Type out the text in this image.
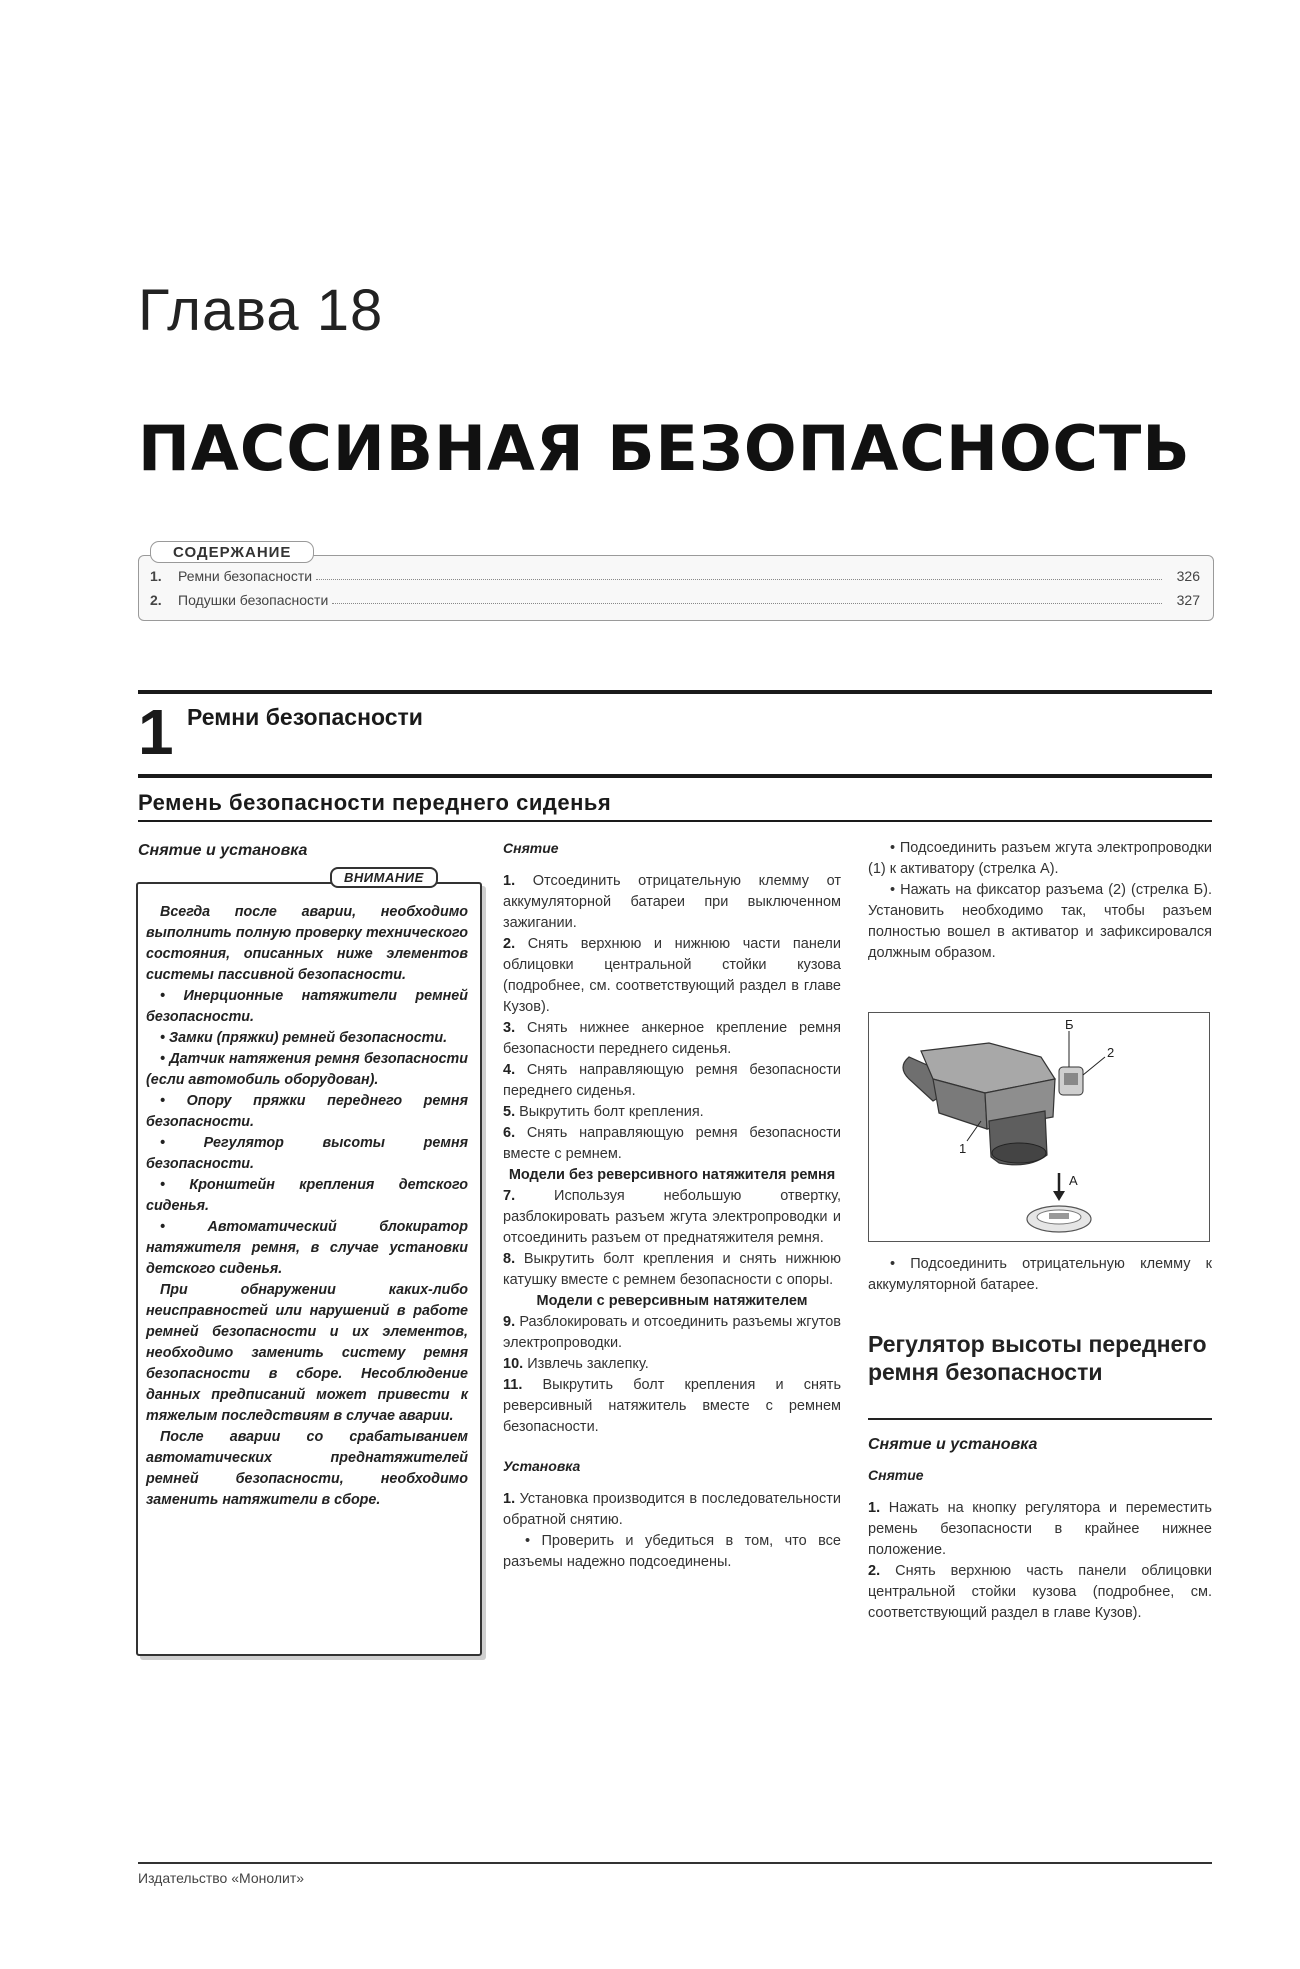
Глава 18
ПАССИВНАЯ БЕЗОПАСНОСТЬ
СОДЕРЖАНИЕ
1.	Ремни безопасности	326
2.	Подушки безопасности	327
1 Ремни безопасности
Ремень безопасности переднего сиденья
Снятие и установка
ВНИМАНИЕ

Всегда после аварии, необходимо выполнить полную проверку технического состояния, описанных ниже элементов системы пассивной безопасности.

• Инерционные натяжители ремней безопасности.

• Замки (пряжки) ремней безопасности.

• Датчик натяжения ремня безопасности (если автомобиль оборудован).

• Опору пряжки переднего ремня безопасности.

• Регулятор высоты ремня безопасности.

• Кронштейн крепления детского сиденья.

• Автоматический блокиратор натяжителя ремня, в случае установки детского сиденья.

При обнаружении каких-либо неисправностей или нарушений в работе ремней безопасности и их элементов, необходимо заменить систему ремня безопасности в сборе. Несоблюдение данных предписаний может привести к тяжелым последствиям в случае аварии.

После аварии со срабатыванием автоматических преднатяжителей ремней безопасности, необходимо заменить натяжители в сборе.

Снятие

1. Отсоединить отрицательную клемму от аккумуляторной батареи при выключенном зажигании.

2. Снять верхнюю и нижнюю части панели облицовки центральной стойки кузова (подробнее, см. соответствующий раздел в главе Кузов).

3. Снять нижнее анкерное крепление ремня безопасности переднего сиденья.

4. Снять направляющую ремня безопасности переднего сиденья.

5. Выкрутить болт крепления.

6. Снять направляющую ремня безопасности вместе с ремнем.

Модели без реверсивного натяжителя ремня

7.	Используя небольшую отвертку, разблокировать разъем жгута электропроводки и отсоединить разъем от преднатяжителя ремня.

8. Выкрутить болт крепления и снять нижнюю катушку вместе с ремнем безопасности с опоры.

Модели с реверсивным натяжителем

9. Разблокировать и отсоединить разъемы жгутов электропроводки.

10. Извлечь заклепку.

11. Выкрутить болт крепления и снять реверсивный натяжитель вместе с ремнем безопасности.

Установка

1. Установка производится в последовательности обратной снятию.

• Проверить и убедиться в том, что все разъемы надежно подсоединены.

• Подсоединить разъем жгута электропроводки (1) к активатору (стрелка А).

• Нажать на фиксатор разъема (2) (стрелка Б). Установить необходимо так, чтобы разъем полностью вошел в активатор и зафиксировался должным образом.

Б
2
1
A

• Подсоединить отрицательную клемму к аккумуляторной батарее.

Регулятор высоты переднего ремня безопасности
Снятие и установка
Снятие

1. Нажать на кнопку регулятора и переместить ремень безопасности в крайнее нижнее положение.

2. Снять верхнюю часть панели облицовки центральной стойки кузова (подробнее, см. соответствующий раздел в главе Кузов).

Издательство «Монолит»
